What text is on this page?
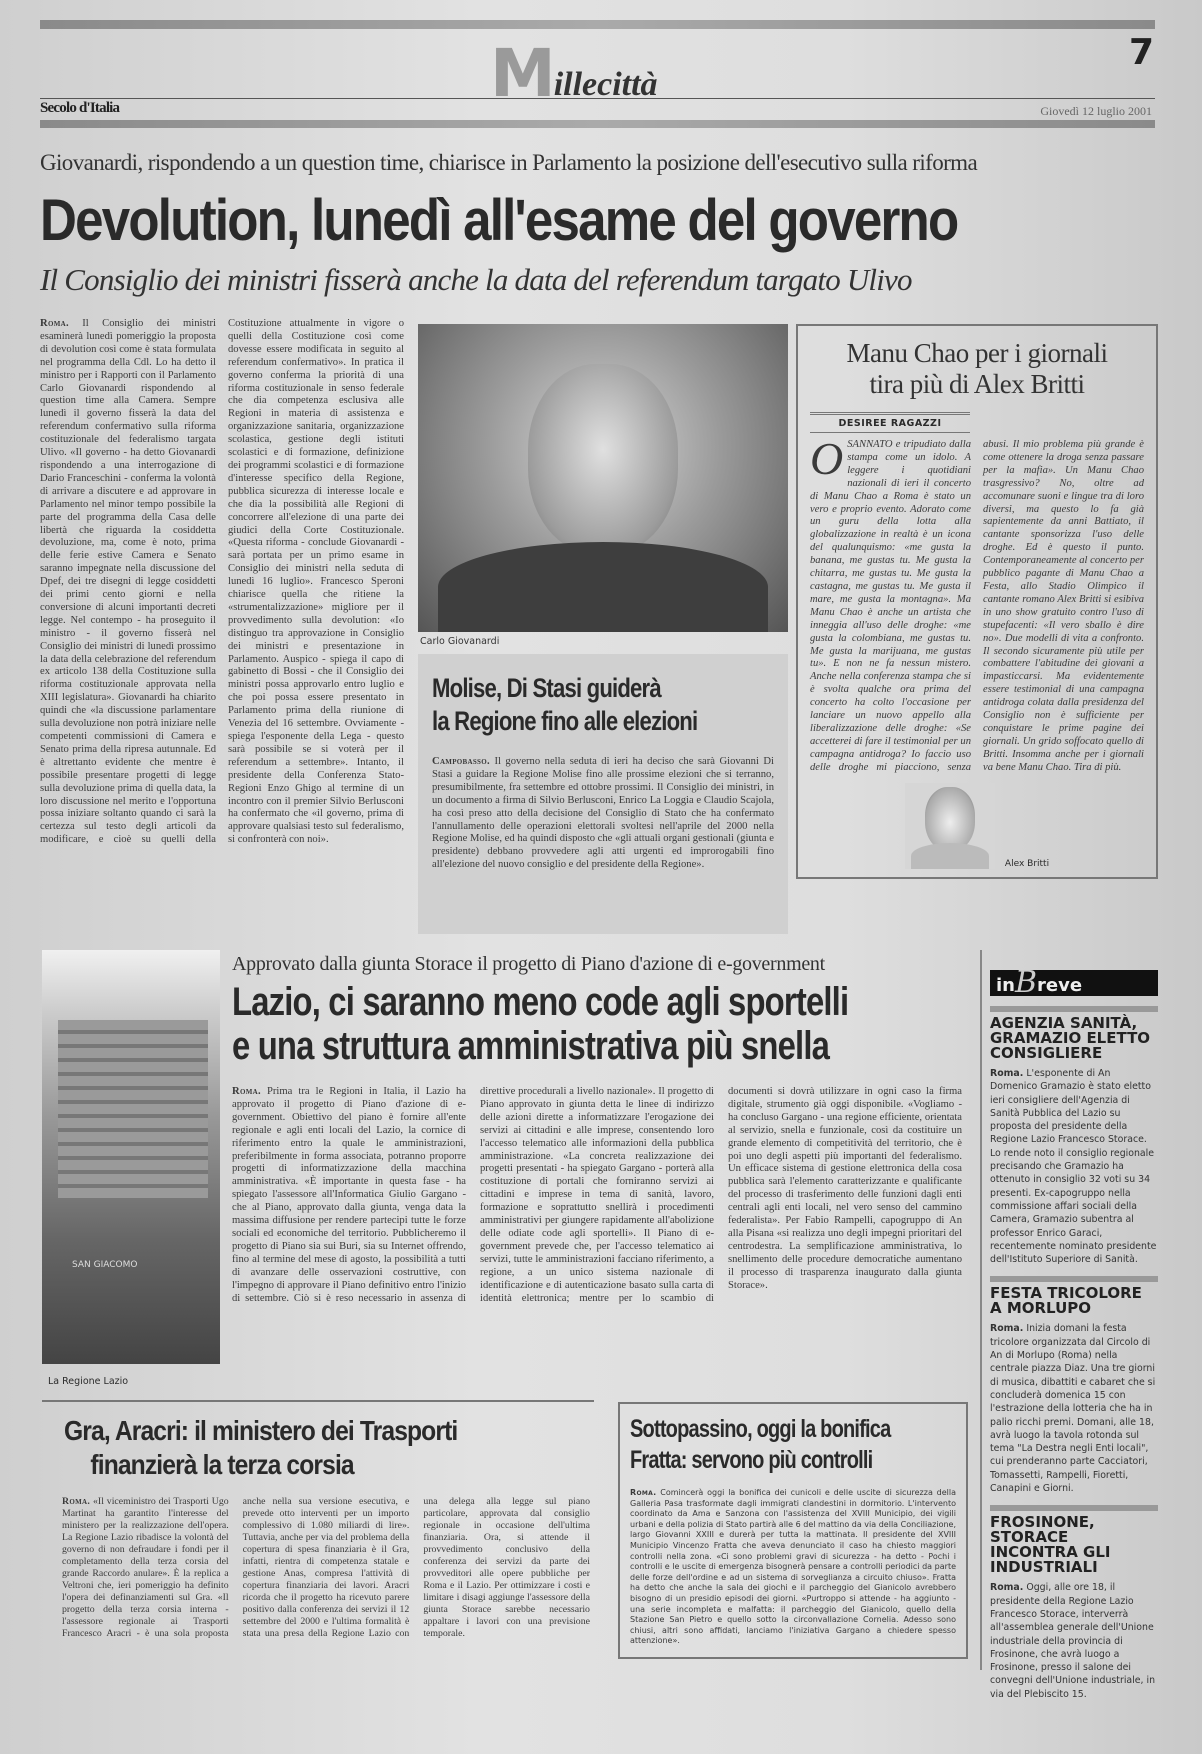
M
illecittà
7
Secolo d'Italia	Giovedì 12 luglio 2001
Giovanardi, rispondendo a un question time, chiarisce in Parlamento la posizione dell'esecutivo sulla riforma
Devolution, lunedì all'esame del governo
Il Consiglio dei ministri fisserà anche la data del referendum targato Ulivo
Roma. Il Consiglio dei ministri esaminerà lunedì pomeriggio la proposta di devolution così come è stata formulata nel programma della Cdl. Lo ha detto il ministro per i Rapporti con il Parlamento Carlo Giovanardi rispondendo al question time alla Camera. Sempre lunedì il governo fisserà la data del referendum confermativo sulla riforma costituzionale del federalismo targata Ulivo. «Il governo - ha detto Giovanardi rispondendo a una interrogazione di Dario Franceschini - conferma la volontà di arrivare a discutere e ad approvare in Parlamento nel minor tempo possibile la parte del programma della Casa delle libertà che riguarda la cosiddetta devoluzione, ma, come è noto, prima delle ferie estive Camera e Senato saranno impegnate nella discussione del Dpef, dei tre disegni di legge cosiddetti dei primi cento giorni e nella conversione di alcuni importanti decreti legge. Nel contempo - ha proseguito il ministro - il governo fisserà nel Consiglio dei ministri di lunedì prossimo la data della celebrazione del referendum ex articolo 138 della Costituzione sulla riforma costituzionale approvata nella XIII legislatura». Giovanardi ha chiarito quindi che «la discussione parlamentare sulla devoluzione non potrà iniziare nelle competenti commissioni di Camera e Senato prima della ripresa autunnale. Ed è altrettanto evidente che mentre è possibile presentare progetti di legge sulla devoluzione prima di quella data, la loro discussione nel merito e l'opportuna possa iniziare soltanto quando ci sarà la certezza sul testo degli articoli da modificare, e cioè su quelli della Costituzione attualmente in vigore o quelli della Costituzione così come dovesse essere modificata in seguito al referendum confermativo». In pratica il governo conferma la priorità di una riforma costituzionale in senso federale che dia competenza esclusiva alle Regioni in materia di assistenza e organizzazione sanitaria, organizzazione scolastica, gestione degli istituti scolastici e di formazione, definizione dei programmi scolastici e di formazione d'interesse specifico della Regione, pubblica sicurezza di interesse locale e che dia la possibilità alle Regioni di concorrere all'elezione di una parte dei giudici della Corte Costituzionale. «Questa riforma - conclude Giovanardi - sarà portata per un primo esame in Consiglio dei ministri nella seduta di lunedì 16 luglio». Francesco Speroni chiarisce quella che ritiene la «strumentalizzazione» migliore per il provvedimento sulla devolution: «Io distinguo tra approvazione in Consiglio dei ministri e presentazione in Parlamento. Auspico - spiega il capo di gabinetto di Bossi - che il Consiglio dei ministri possa approvarlo entro luglio e che poi possa essere presentato in Parlamento prima della riunione di Venezia del 16 settembre. Ovviamente - spiega l'esponente della Lega - questo sarà possibile se si voterà per il referendum a settembre». Intanto, il presidente della Conferenza Stato-Regioni Enzo Ghigo al termine di un incontro con il premier Silvio Berlusconi ha confermato che «il governo, prima di approvare qualsiasi testo sul federalismo, si confronterà con noi».
Carlo Giovanardi
Molise, Di Stasi guiderà
la Regione fino alle elezioni
Campobasso. Il governo nella seduta di ieri ha deciso che sarà Giovanni Di Stasi a guidare la Regione Molise fino alle prossime elezioni che si terranno, presumibilmente, fra settembre ed ottobre prossimi. Il Consiglio dei ministri, in un documento a firma di Silvio Berlusconi, Enrico La Loggia e Claudio Scajola, ha così preso atto della decisione del Consiglio di Stato che ha confermato l'annullamento delle operazioni elettorali svoltesi nell'aprile del 2000 nella Regione Molise, ed ha quindi disposto che «gli attuali organi gestionali (giunta e presidente) debbano provvedere agli atti urgenti ed improrogabili fino all'elezione del nuovo consiglio e del presidente della Regione».
Manu Chao per i giornali
tira più di Alex Britti
DESIREE RAGAZZI
OSANNATO e tripudiato dalla stampa come un idolo. A leggere i quotidiani nazionali di ieri il concerto di Manu Chao a Roma è stato un vero e proprio evento. Adorato come un guru della lotta alla globalizzazione in realtà è un icona del qualunquismo: «me gusta la banana, me gustas tu. Me gusta la chitarra, me gustas tu. Me gusta la castagna, me gustas tu. Me gusta il mare, me gusta la montagna». Ma Manu Chao è anche un artista che inneggia all'uso delle droghe: «me gusta la colombiana, me gustas tu. Me gusta la marijuana, me gustas tu». E non ne fa nessun mistero. Anche nella conferenza stampa che si è svolta qualche ora prima del concerto ha colto l'occasione per lanciare un nuovo appello alla liberalizzazione delle droghe: «Se accetterei di fare il testimonial per un campagna antidroga? Io faccio uso delle droghe mi piacciono, senza abusi. Il mio problema più grande è come ottenere la droga senza passare per la mafia». Un Manu Chao trasgressivo? No, oltre ad accomunare suoni e lingue tra di loro diversi, ma questo lo fa già sapientemente da anni Battiato, il cantante sponsorizza l'uso delle droghe. Ed è questo il punto. Contemporaneamente al concerto per pubblico pagante di Manu Chao a Festa, allo Stadio Olimpico il cantante romano Alex Britti si esibiva in uno show gratuito contro l'uso di stupefacenti: «Il vero sballo è dire no». Due modelli di vita a confronto. Il secondo sicuramente più utile per combattere l'abitudine dei giovani a impasticcarsi. Ma evidentemente essere testimonial di una campagna antidroga colata dalla presidenza del Consiglio non è sufficiente per conquistare le prime pagine dei giornali. Un grido soffocato quello di Britti. Insomma anche per i giornali va bene Manu Chao. Tira di più.
Alex Britti
SAN GIACOMO
La Regione Lazio
Approvato dalla giunta Storace il progetto di Piano d'azione di e-government
Lazio, ci saranno meno code agli sportelli
e una struttura amministrativa più snella
Roma. Prima tra le Regioni in Italia, il Lazio ha approvato il progetto di Piano d'azione di e-government. Obiettivo del piano è fornire all'ente regionale e agli enti locali del Lazio, la cornice di riferimento entro la quale le amministrazioni, preferibilmente in forma associata, potranno proporre progetti di informatizzazione della macchina amministrativa. «È importante in questa fase - ha spiegato l'assessore all'Informatica Giulio Gargano - che al Piano, approvato dalla giunta, venga data la massima diffusione per rendere partecipi tutte le forze sociali ed economiche del territorio. Pubblicheremo il progetto di Piano sia sui Buri, sia su Internet offrendo, fino al termine del mese di agosto, la possibilità a tutti di avanzare delle osservazioni costruttive, con l'impegno di approvare il Piano definitivo entro l'inizio di settembre. Ciò si è reso necessario in assenza di direttive procedurali a livello nazionale». Il progetto di Piano approvato in giunta detta le linee di indirizzo delle azioni dirette a informatizzare l'erogazione dei servizi ai cittadini e alle imprese, consentendo loro l'accesso telematico alle informazioni della pubblica amministrazione. «La concreta realizzazione dei progetti presentati - ha spiegato Gargano - porterà alla costituzione di portali che forniranno servizi ai cittadini e imprese in tema di sanità, lavoro, formazione e soprattutto snellirà i procedimenti amministrativi per giungere rapidamente all'abolizione delle odiate code agli sportelli». Il Piano di e-government prevede che, per l'accesso telematico ai servizi, tutte le amministrazioni facciano riferimento, a regione, a un unico sistema nazionale di identificazione e di autenticazione basato sulla carta di identità elettronica; mentre per lo scambio di documenti si dovrà utilizzare in ogni caso la firma digitale, strumento già oggi disponibile. «Vogliamo - ha concluso Gargano - una regione efficiente, orientata al servizio, snella e funzionale, così da costituire un grande elemento di competitività del territorio, che è poi uno degli aspetti più importanti del federalismo. Un efficace sistema di gestione elettronica della cosa pubblica sarà l'elemento caratterizzante e qualificante del processo di trasferimento delle funzioni dagli enti centrali agli enti locali, nel vero senso del cammino federalista». Per Fabio Rampelli, capogruppo di An alla Pisana «si realizza uno degli impegni prioritari del centrodestra. La semplificazione amministrativa, lo snellimento delle procedure democratiche aumentano il processo di trasparenza inaugurato dalla giunta Storace».
in B reve
AGENZIA SANITÀ, GRAMAZIO ELETTO CONSIGLIERE
Roma. L'esponente di An Domenico Gramazio è stato eletto ieri consigliere dell'Agenzia di Sanità Pubblica del Lazio su proposta del presidente della Regione Lazio Francesco Storace. Lo rende noto il consiglio regionale precisando che Gramazio ha ottenuto in consiglio 32 voti su 34 presenti. Ex-capogruppo nella commissione affari sociali della Camera, Gramazio subentra al professor Enrico Garaci, recentemente nominato presidente dell'Istituto Superiore di Sanità.
FESTA TRICOLORE A MORLUPO
Roma. Inizia domani la festa tricolore organizzata dal Circolo di An di Morlupo (Roma) nella centrale piazza Diaz. Una tre giorni di musica, dibattiti e cabaret che si concluderà domenica 15 con l'estrazione della lotteria che ha in palio ricchi premi. Domani, alle 18, avrà luogo la tavola rotonda sul tema "La Destra negli Enti locali", cui prenderanno parte Cacciatori, Tomassetti, Rampelli, Fioretti, Canapini e Giorni.
FROSINONE, STORACE INCONTRA GLI INDUSTRIALI
Roma. Oggi, alle ore 18, il presidente della Regione Lazio Francesco Storace, interverrà all'assemblea generale dell'Unione industriale della provincia di Frosinone, che avrà luogo a Frosinone, presso il salone dei convegni dell'Unione industriale, in via del Plebiscito 15.
Gra, Aracri: il ministero dei Trasporti
finanzierà la terza corsia
Roma. «Il viceministro dei Trasporti Ugo Martinat ha garantito l'interesse del ministero per la realizzazione dell'opera. La Regione Lazio ribadisce la volontà del governo di non defraudare i fondi per il completamento della terza corsia del grande Raccordo anulare». È la replica a Veltroni che, ieri pomeriggio ha definito l'opera dei definanziamenti sul Gra. «Il progetto della terza corsia interna - l'assessore regionale ai Trasporti Francesco Aracri - è una sola proposta anche nella sua versione esecutiva, e prevede otto interventi per un importo complessivo di 1.080 miliardi di lire». Tuttavia, anche per via del problema della copertura di spesa finanziaria è il Gra, infatti, rientra di competenza statale e gestione Anas, compresa l'attività di copertura finanziaria dei lavori. Aracri ricorda che il progetto ha ricevuto parere positivo dalla conferenza dei servizi il 12 settembre del 2000 e l'ultima formalità è stata una presa della Regione Lazio con una delega alla legge sul piano particolare, approvata dal consiglio regionale in occasione dell'ultima finanziaria. Ora, si attende il provvedimento conclusivo della conferenza dei servizi da parte dei provveditori alle opere pubbliche per Roma e il Lazio. Per ottimizzare i costi e limitare i disagi aggiunge l'assessore della giunta Storace sarebbe necessario appaltare i lavori con una previsione temporale.
Sottopassino, oggi la bonifica
Fratta: servono più controlli
Roma. Comincerà oggi la bonifica dei cunicoli e delle uscite di sicurezza della Galleria Pasa trasformate dagli immigrati clandestini in dormitorio. L'intervento coordinato da Ama e Sanzona con l'assistenza del XVIII Municipio, dei vigili urbani e della polizia di Stato partirà alle 6 del mattino da via della Conciliazione, largo Giovanni XXIII e durerà per tutta la mattinata. Il presidente del XVIII Municipio Vincenzo Fratta che aveva denunciato il caso ha chiesto maggiori controlli nella zona. «Ci sono problemi gravi di sicurezza - ha detto - Pochi i controlli e le uscite di emergenza bisognerà pensare a controlli periodici da parte delle forze dell'ordine e ad un sistema di sorveglianza a circuito chiuso». Fratta ha detto che anche la sala dei giochi e il parcheggio del Gianicolo avrebbero bisogno di un presidio episodi dei giorni. «Purtroppo si attende - ha aggiunto - una serie incompleta e malfatta: il parcheggio del Gianicolo, quello della Stazione San Pietro e quello sotto la circonvallazione Cornelia. Adesso sono chiusi, altri sono affidati, lanciamo l'iniziativa Gargano a chiedere spesso attenzione».
